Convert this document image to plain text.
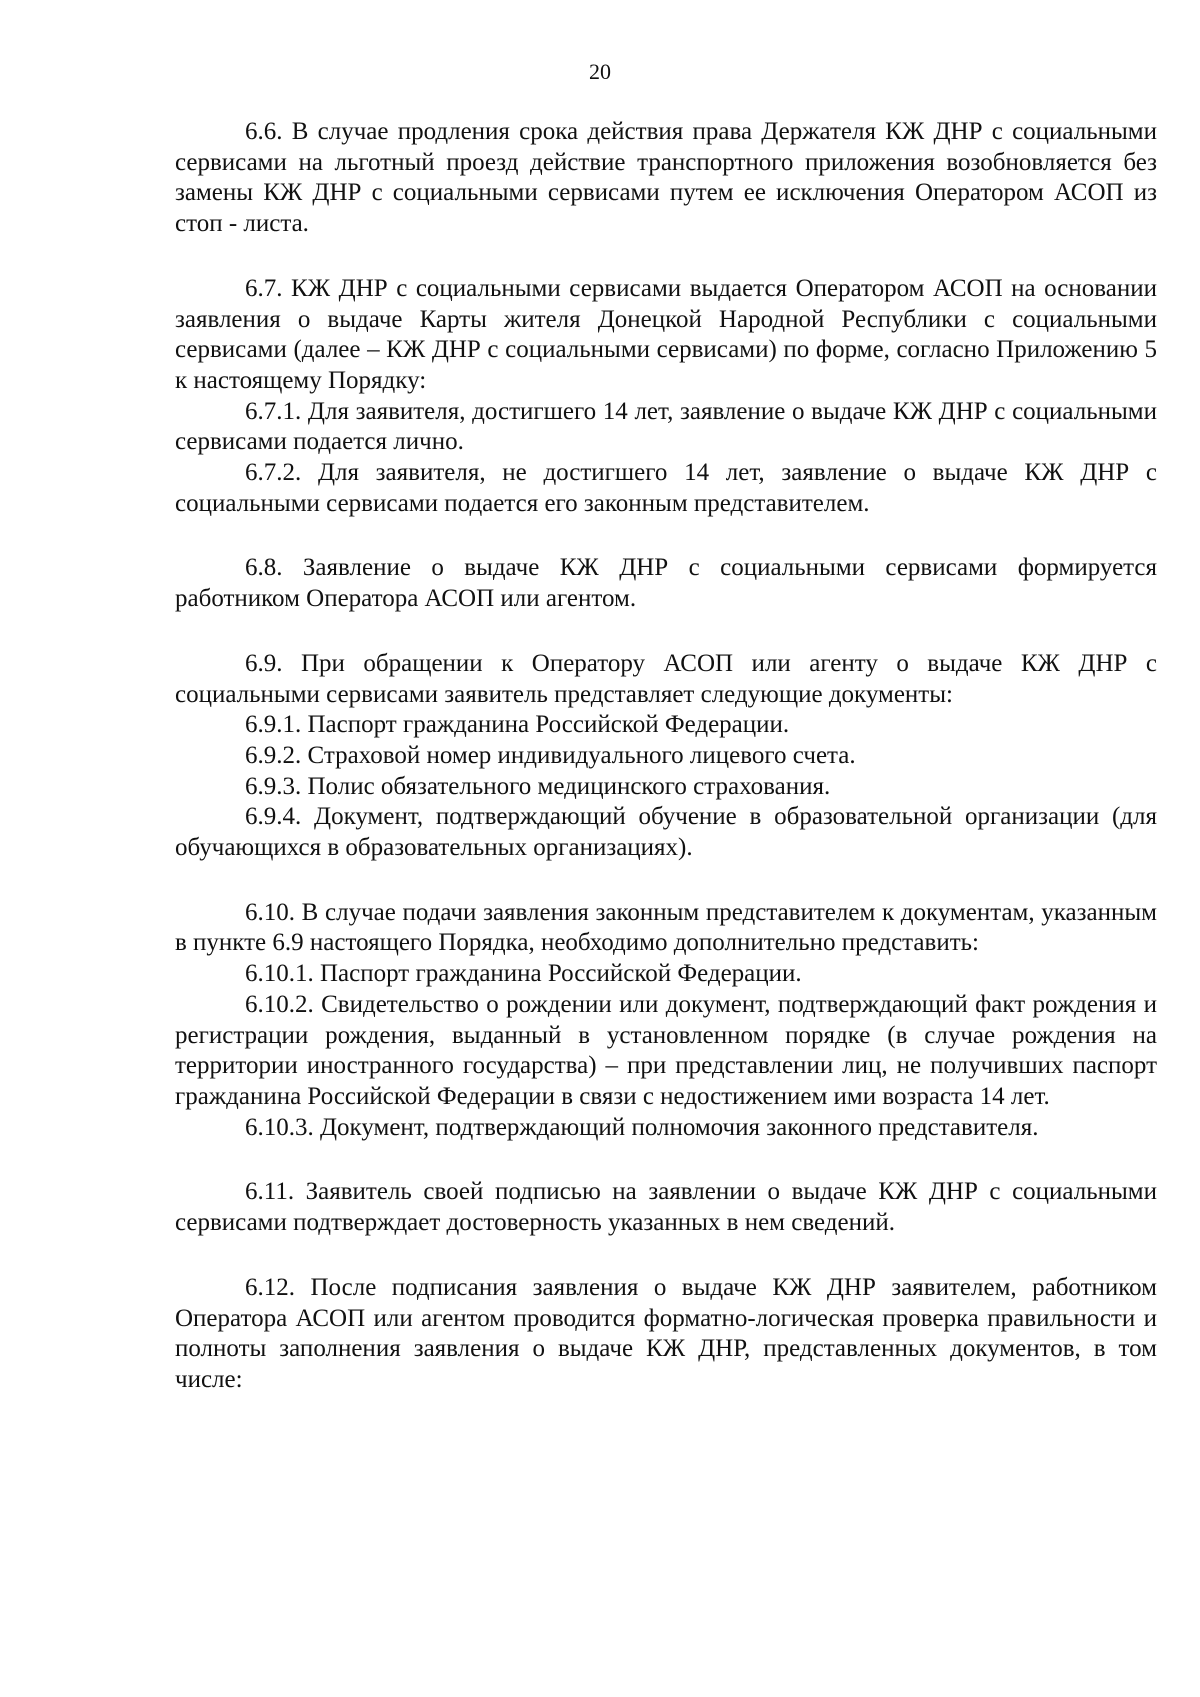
20

6.6. В случае продления срока действия права Держателя КЖ ДНР с социальными сервисами на льготный проезд действие транспортного приложения возобновляется без замены КЖ ДНР с социальными сервисами путем ее исключения Оператором АСОП из стоп - листа.

6.7. КЖ ДНР с социальными сервисами выдается Оператором АСОП на основании заявления о выдаче Карты жителя Донецкой Народной Республики с социальными сервисами (далее – КЖ ДНР с социальными сервисами) по форме, согласно Приложению 5 к настоящему Порядку:

6.7.1. Для заявителя, достигшего 14 лет, заявление о выдаче КЖ ДНР с социальными сервисами подается лично.

6.7.2. Для заявителя, не достигшего 14 лет, заявление о выдаче КЖ ДНР с социальными сервисами подается его законным представителем.

6.8. Заявление о выдаче КЖ ДНР с социальными сервисами формируется работником Оператора АСОП или агентом.

6.9. При обращении к Оператору АСОП или агенту о выдаче КЖ ДНР с социальными сервисами заявитель представляет следующие документы:

6.9.1. Паспорт гражданина Российской Федерации.

6.9.2. Страховой номер индивидуального лицевого счета.

6.9.3. Полис обязательного медицинского страхования.

6.9.4. Документ, подтверждающий обучение в образовательной организации (для обучающихся в образовательных организациях).

6.10. В случае подачи заявления законным представителем к документам, указанным в пункте 6.9 настоящего Порядка, необходимо дополнительно представить:

6.10.1. Паспорт гражданина Российской Федерации.

6.10.2. Свидетельство о рождении или документ, подтверждающий факт рождения и регистрации рождения, выданный в установленном порядке (в случае рождения на территории иностранного государства) – при представлении лиц, не получивших паспорт гражданина Российской Федерации в связи с недостижением ими возраста 14 лет.

6.10.3. Документ, подтверждающий полномочия законного представителя.

6.11. Заявитель своей подписью на заявлении о выдаче КЖ ДНР с социальными сервисами подтверждает достоверность указанных в нем сведений.

6.12. После подписания заявления о выдаче КЖ ДНР заявителем, работником Оператора АСОП или агентом проводится форматно-логическая проверка правильности и полноты заполнения заявления о выдаче КЖ ДНР, представленных документов, в том числе:
